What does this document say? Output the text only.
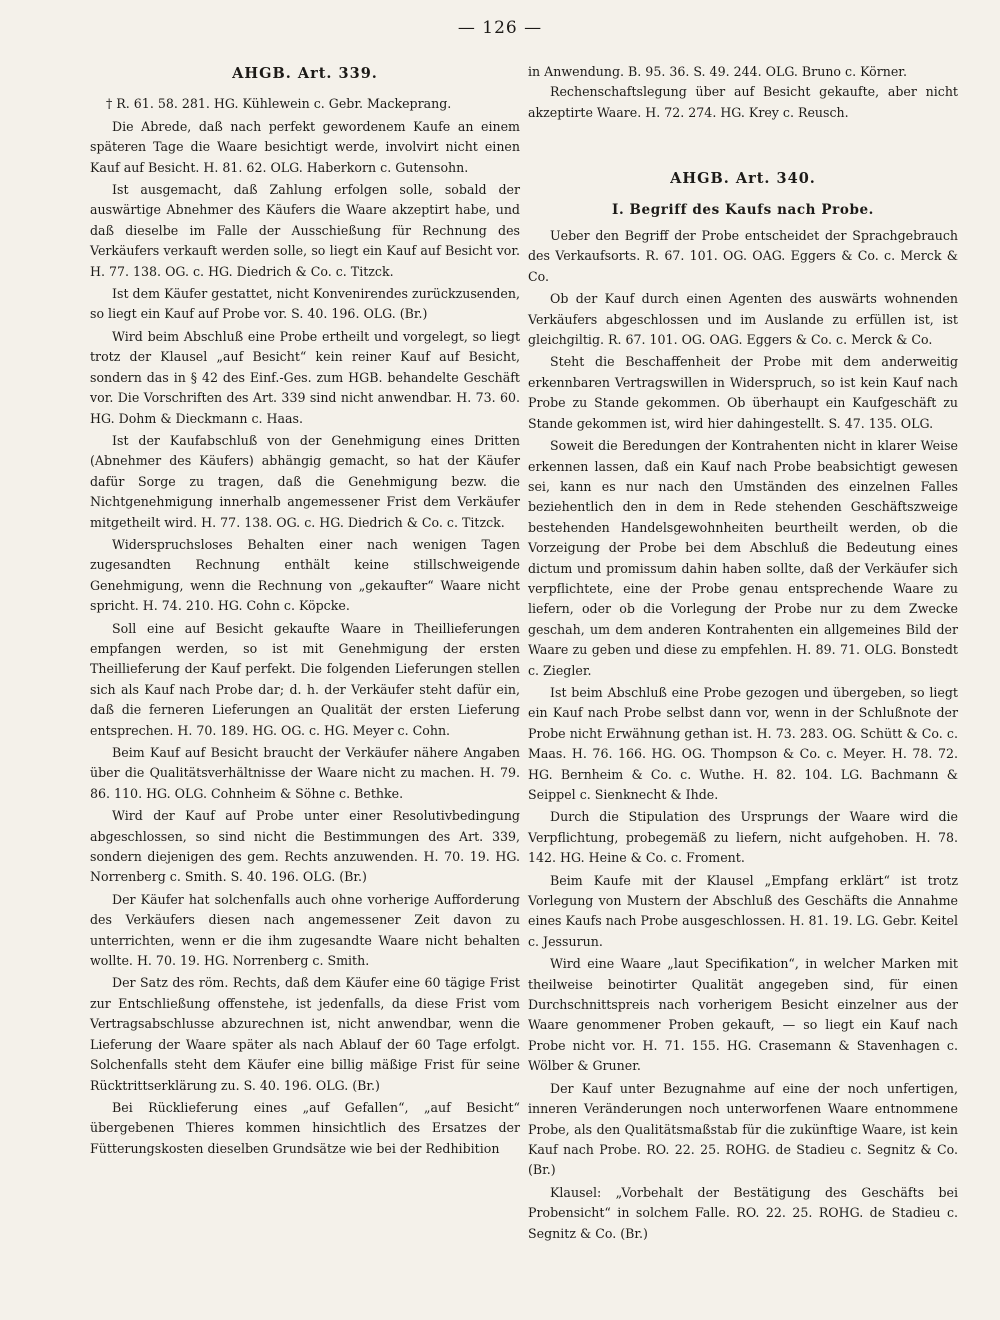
— 126 —
AHGB. Art. 339.

† R. 61. 58. 281. HG. Kühlewein c. Gebr. Mackeprang.

Die Abrede, daß nach perfekt gewordenem Kaufe an einem späteren Tage die Waare besichtigt werde, involvirt nicht einen Kauf auf Besicht. H. 81. 62. OLG. Haberkorn c. Gutensohn.

Ist ausgemacht, daß Zahlung erfolgen solle, sobald der auswärtige Abnehmer des Käufers die Waare akzeptirt habe, und daß dieselbe im Falle der Ausschießung für Rechnung des Verkäufers verkauft werden solle, so liegt ein Kauf auf Besicht vor. H. 77. 138. OG. c. HG. Diedrich & Co. c. Titzck.

Ist dem Käufer gestattet, nicht Konvenirendes zurückzusenden, so liegt ein Kauf auf Probe vor. S. 40. 196. OLG. (Br.)

Wird beim Abschluß eine Probe ertheilt und vorgelegt, so liegt trotz der Klausel „auf Besicht“ kein reiner Kauf auf Besicht, sondern das in § 42 des Einf.-Ges. zum HGB. behandelte Geschäft vor. Die Vorschriften des Art. 339 sind nicht anwendbar. H. 73. 60. HG. Dohm & Dieckmann c. Haas.

Ist der Kaufabschluß von der Genehmigung eines Dritten (Abnehmer des Käufers) abhängig gemacht, so hat der Käufer dafür Sorge zu tragen, daß die Genehmigung bezw. die Nichtgenehmigung innerhalb angemessener Frist dem Verkäufer mitgetheilt wird. H. 77. 138. OG. c. HG. Diedrich & Co. c. Titzck.

Widerspruchsloses Behalten einer nach wenigen Tagen zugesandten Rechnung enthält keine stillschweigende Genehmigung, wenn die Rechnung von „gekaufter“ Waare nicht spricht. H. 74. 210. HG. Cohn c. Köpcke.

Soll eine auf Besicht gekaufte Waare in Theillieferungen empfangen werden, so ist mit Genehmigung der ersten Theillieferung der Kauf perfekt. Die folgenden Lieferungen stellen sich als Kauf nach Probe dar; d. h. der Verkäufer steht dafür ein, daß die ferneren Lieferungen an Qualität der ersten Lieferung entsprechen. H. 70. 189. HG. OG. c. HG. Meyer c. Cohn.

Beim Kauf auf Besicht braucht der Verkäufer nähere Angaben über die Qualitätsverhältnisse der Waare nicht zu machen. H. 79. 86. 110. HG. OLG. Cohnheim & Söhne c. Bethke.

Wird der Kauf auf Probe unter einer Resolutivbedingung abgeschlossen, so sind nicht die Bestimmungen des Art. 339, sondern diejenigen des gem. Rechts anzuwenden. H. 70. 19. HG. Norrenberg c. Smith. S. 40. 196. OLG. (Br.)

Der Käufer hat solchenfalls auch ohne vorherige Aufforderung des Verkäufers diesen nach angemessener Zeit davon zu unterrichten, wenn er die ihm zugesandte Waare nicht behalten wollte. H. 70. 19. HG. Norrenberg c. Smith.

Der Satz des röm. Rechts, daß dem Käufer eine 60 tägige Frist zur Entschließung offenstehe, ist jedenfalls, da diese Frist vom Vertragsabschlusse abzurechnen ist, nicht anwendbar, wenn die Lieferung der Waare später als nach Ablauf der 60 Tage erfolgt. Solchenfalls steht dem Käufer eine billig mäßige Frist für seine Rücktrittserklärung zu. S. 40. 196. OLG. (Br.)

Bei Rücklieferung eines „auf Gefallen“, „auf Besicht“ übergebenen Thieres kommen hinsichtlich des Ersatzes der Fütterungskosten dieselben Grundsätze wie bei der Redhibition

in Anwendung. B. 95. 36. S. 49. 244. OLG. Bruno c. Körner.

Rechenschaftslegung über auf Besicht gekaufte, aber nicht akzeptirte Waare. H. 72. 274. HG. Krey c. Reusch.

AHGB. Art. 340.
I. Begriff des Kaufs nach Probe.

Ueber den Begriff der Probe entscheidet der Sprachgebrauch des Verkaufsorts. R. 67. 101. OG. OAG. Eggers & Co. c. Merck & Co.

Ob der Kauf durch einen Agenten des auswärts wohnenden Verkäufers abgeschlossen und im Auslande zu erfüllen ist, ist gleichgiltig. R. 67. 101. OG. OAG. Eggers & Co. c. Merck & Co.

Steht die Beschaffenheit der Probe mit dem anderweitig erkennbaren Vertragswillen in Widerspruch, so ist kein Kauf nach Probe zu Stande gekommen. Ob überhaupt ein Kaufgeschäft zu Stande gekommen ist, wird hier dahingestellt. S. 47. 135. OLG.

Soweit die Beredungen der Kontrahenten nicht in klarer Weise erkennen lassen, daß ein Kauf nach Probe beabsichtigt gewesen sei, kann es nur nach den Umständen des einzelnen Falles beziehentlich den in dem in Rede stehenden Geschäftszweige bestehenden Handelsgewohnheiten beurtheilt werden, ob die Vorzeigung der Probe bei dem Abschluß die Bedeutung eines dictum und promissum dahin haben sollte, daß der Verkäufer sich verpflichtete, eine der Probe genau entsprechende Waare zu liefern, oder ob die Vorlegung der Probe nur zu dem Zwecke geschah, um dem anderen Kontrahenten ein allgemeines Bild der Waare zu geben und diese zu empfehlen. H. 89. 71. OLG. Bonstedt c. Ziegler.

Ist beim Abschluß eine Probe gezogen und übergeben, so liegt ein Kauf nach Probe selbst dann vor, wenn in der Schlußnote der Probe nicht Erwähnung gethan ist. H. 73. 283. OG. Schütt & Co. c. Maas. H. 76. 166. HG. OG. Thompson & Co. c. Meyer. H. 78. 72. HG. Bernheim & Co. c. Wuthe. H. 82. 104. LG. Bachmann & Seippel c. Sienknecht & Ihde.

Durch die Stipulation des Ursprungs der Waare wird die Verpflichtung, probegemäß zu liefern, nicht aufgehoben. H. 78. 142. HG. Heine & Co. c. Froment.

Beim Kaufe mit der Klausel „Empfang erklärt“ ist trotz Vorlegung von Mustern der Abschluß des Geschäfts die Annahme eines Kaufs nach Probe ausgeschlossen. H. 81. 19. LG. Gebr. Keitel c. Jessurun.

Wird eine Waare „laut Specifikation“, in welcher Marken mit theilweise beinotirter Qualität angegeben sind, für einen Durchschnittspreis nach vorherigem Besicht einzelner aus der Waare genommener Proben gekauft, — so liegt ein Kauf nach Probe nicht vor. H. 71. 155. HG. Crasemann & Stavenhagen c. Wölber & Gruner.

Der Kauf unter Bezugnahme auf eine der noch unfertigen, inneren Veränderungen noch unterworfenen Waare entnommene Probe, als den Qualitätsmaßstab für die zukünftige Waare, ist kein Kauf nach Probe. RO. 22. 25. ROHG. de Stadieu c. Segnitz & Co. (Br.)

Klausel: „Vorbehalt der Bestätigung des Geschäfts bei Probensicht“ in solchem Falle. RO. 22. 25. ROHG. de Stadieu c. Segnitz & Co. (Br.)
